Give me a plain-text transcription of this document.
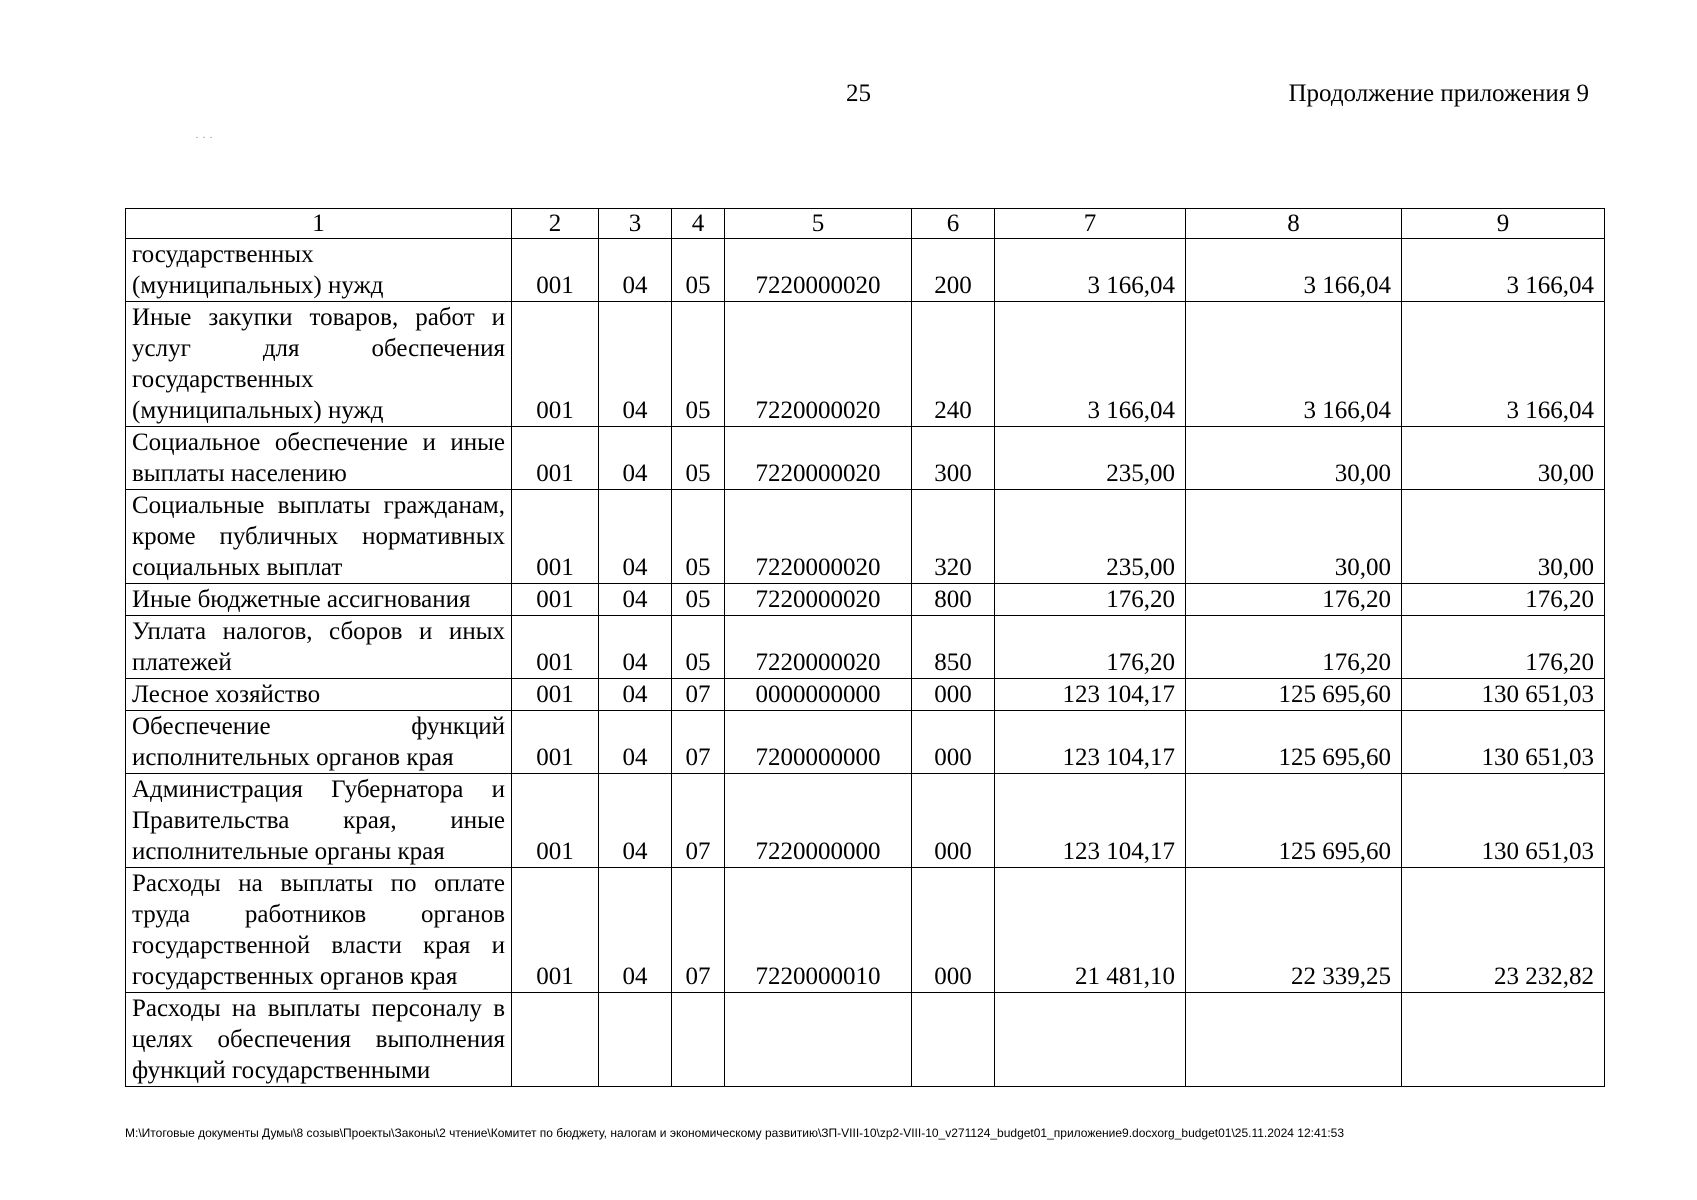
25	Продолжение приложения 9
· · ·
1	2	3	4	5	6	7	8	9
государственных (муниципальных) нужд	001	04	05	7220000020	200	3 166,04	3 166,04	3 166,04
Иные закупки товаров, работ и услуг для обеспечения государственных (муниципальных) нужд	001	04	05	7220000020	240	3 166,04	3 166,04	3 166,04
Социальное обеспечение и иные выплаты населению	001	04	05	7220000020	300	235,00	30,00	30,00
Социальные выплаты гражданам, кроме публичных нормативных социальных выплат	001	04	05	7220000020	320	235,00	30,00	30,00
Иные бюджетные ассигнования	001	04	05	7220000020	800	176,20	176,20	176,20
Уплата налогов, сборов и иных платежей	001	04	05	7220000020	850	176,20	176,20	176,20
Лесное хозяйство	001	04	07	0000000000	000	123 104,17	125 695,60	130 651,03
Обеспечение функций исполнительных органов края	001	04	07	7200000000	000	123 104,17	125 695,60	130 651,03
Администрация Губернатора и Правительства края, иные исполнительные органы края	001	04	07	7220000000	000	123 104,17	125 695,60	130 651,03
Расходы на выплаты по оплате труда работников органов государственной власти края и государственных органов края	001	04	07	7220000010	000	21 481,10	22 339,25	23 232,82
Расходы на выплаты персоналу в целях обеспечения выполнения функций государственными								
M:\Итоговые документы Думы\8 созыв\Проекты\Законы\2 чтение\Комитет по бюджету, налогам и экономическому развитию\ЗП-VIII-10\zp2-VIII-10_v271124_budget01_приложение9.docxorg_budget01\25.11.2024 12:41:53
